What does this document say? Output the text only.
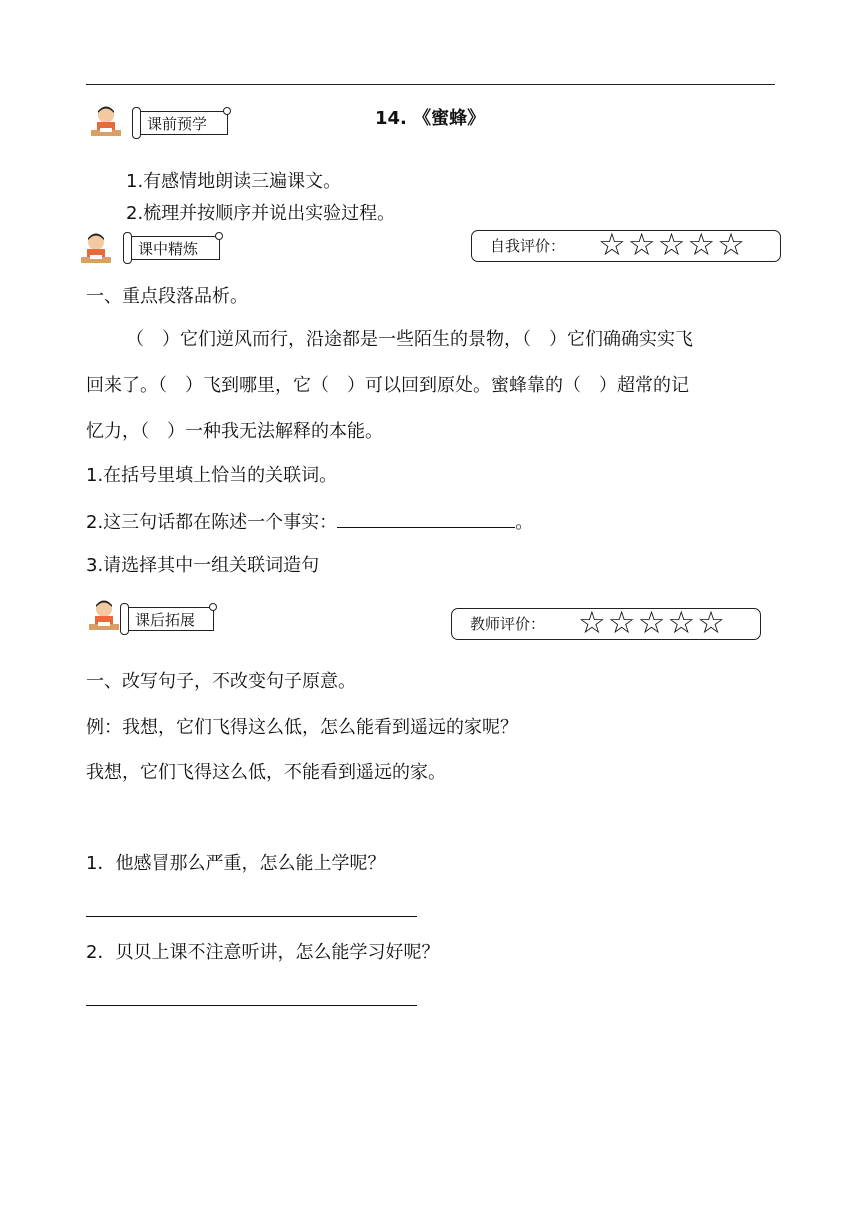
课前预学	14. 《蜜蜂》
1.有感情地朗读三遍课文。
2.梳理并按顺序并说出实验过程。
课中精炼	自我评价： ☆☆☆☆☆
一、重点段落品析。
（　）它们逆风而行，沿途都是一些陌生的景物，（　）它们确确实实飞
回来了。（　）飞到哪里，它（　）可以回到原处。蜜蜂靠的（　）超常的记
忆力，（　）一种我无法解释的本能。
1.在括号里填上恰当的关联词。
2.这三句话都在陈述一个事实：	。
3.请选择其中一组关联词造句
课后拓展	教师评价： ☆☆☆☆☆
一、改写句子，不改变句子原意。
例：我想，它们飞得这么低，怎么能看到遥远的家呢？
我想，它们飞得这么低，不能看到遥远的家。
1．他感冒那么严重，怎么能上学呢？
2．贝贝上课不注意听讲，怎么能学习好呢？
